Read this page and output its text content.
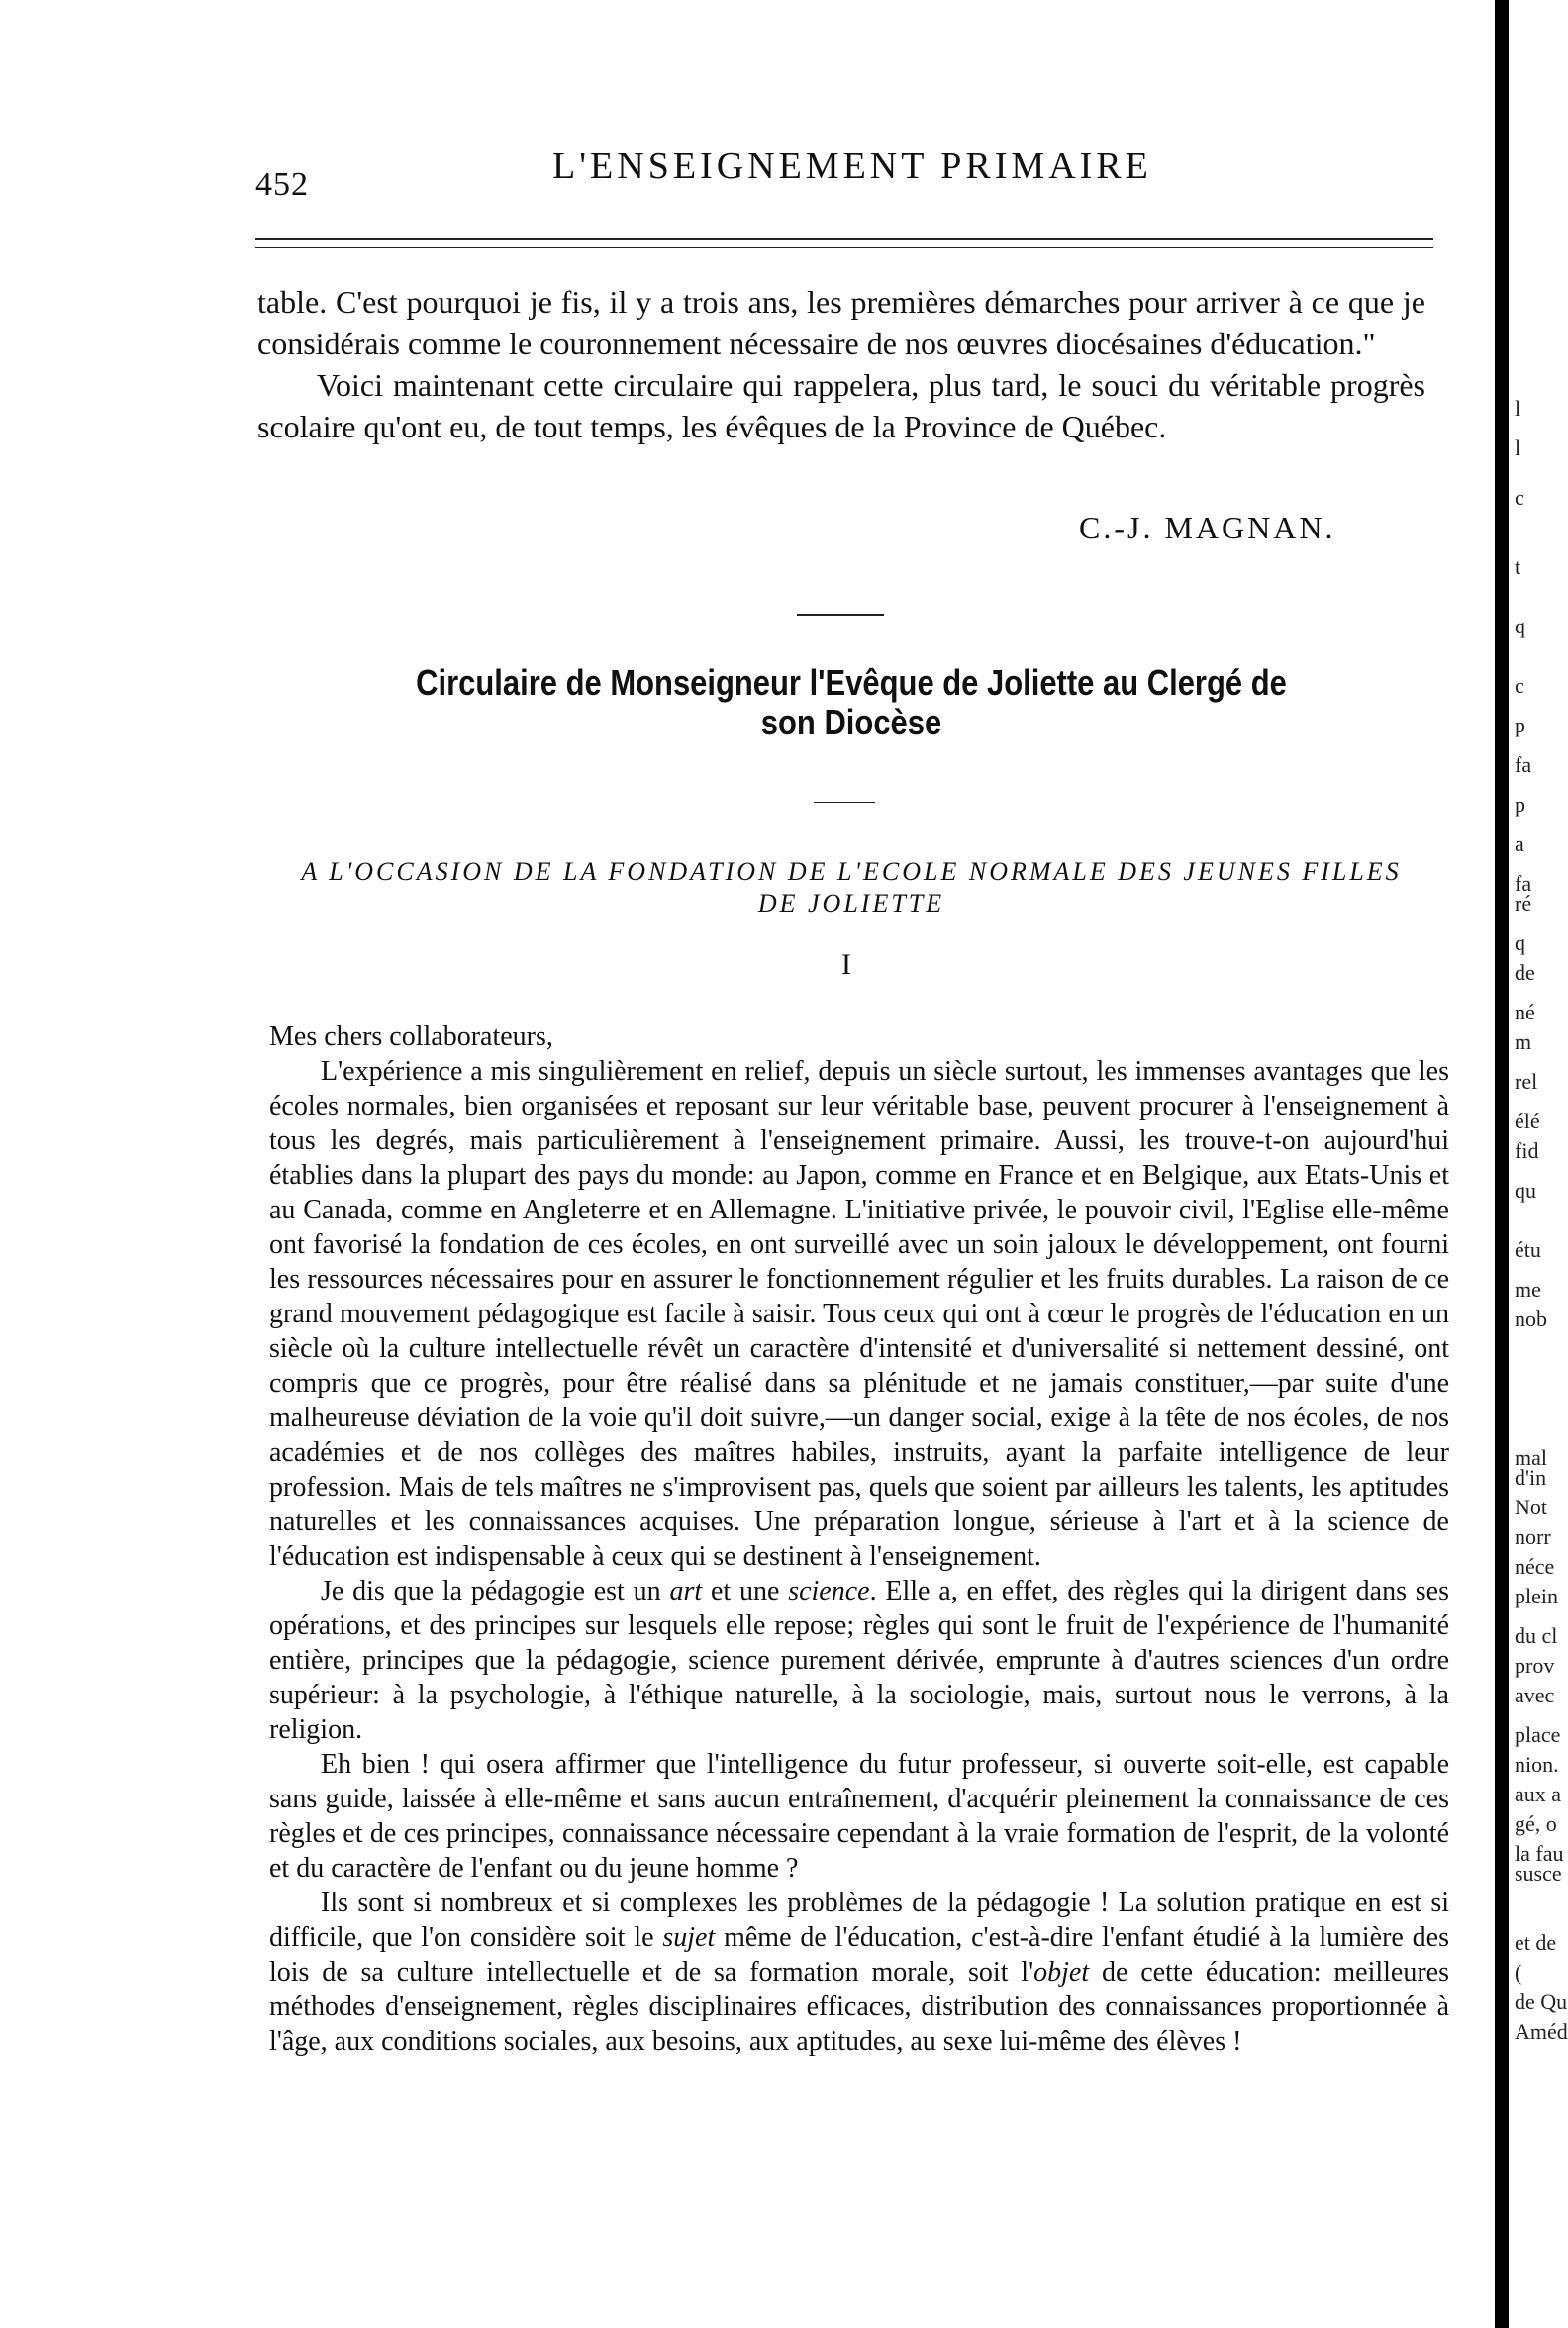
452	L'ENSEIGNEMENT PRIMAIRE

table. C'est pourquoi je fis, il y a trois ans, les premières démarches pour arriver à ce que je considérais comme le couronnement nécessaire de nos œuvres diocésaines d'éducation."

Voici maintenant cette circulaire qui rappelera, plus tard, le souci du véritable progrès scolaire qu'ont eu, de tout temps, les évêques de la Province de Québec.

C.-J. MAGNAN.
Circulaire de Monseigneur l'Evêque de Joliette au Clergé de son Diocèse
A L'OCCASION DE LA FONDATION DE L'ECOLE NORMALE DES JEUNES FILLES DE JOLIETTE
I

Mes chers collaborateurs,

L'expérience a mis singulièrement en relief, depuis un siècle surtout, les immenses avantages que les écoles normales, bien organisées et reposant sur leur véritable base, peuvent procurer à l'enseignement à tous les degrés, mais particulièrement à l'enseignement primaire. Aussi, les trouve-t-on aujourd'hui établies dans la plupart des pays du monde: au Japon, comme en France et en Belgique, aux Etats-Unis et au Canada, comme en Angleterre et en Allemagne. L'initiative privée, le pouvoir civil, l'Eglise elle-même ont favorisé la fondation de ces écoles, en ont surveillé avec un soin jaloux le développement, ont fourni les ressources nécessaires pour en assurer le fonctionnement régulier et les fruits durables. La raison de ce grand mouvement pédagogique est facile à saisir. Tous ceux qui ont à cœur le progrès de l'éducation en un siècle où la culture intellectuelle révêt un caractère d'intensité et d'universalité si nettement dessiné, ont compris que ce progrès, pour être réalisé dans sa plénitude et ne jamais constituer,—par suite d'une malheureuse déviation de la voie qu'il doit suivre,—un danger social, exige à la tête de nos écoles, de nos académies et de nos collèges des maîtres habiles, instruits, ayant la parfaite intelligence de leur profession. Mais de tels maîtres ne s'improvisent pas, quels que soient par ailleurs les talents, les aptitudes naturelles et les connaissances acquises. Une préparation longue, sérieuse à l'art et à la science de l'éducation est indispensable à ceux qui se destinent à l'enseignement.

Je dis que la pédagogie est un art et une science. Elle a, en effet, des règles qui la dirigent dans ses opérations, et des principes sur lesquels elle repose; règles qui sont le fruit de l'expérience de l'humanité entière, principes que la pédagogie, science purement dérivée, emprunte à d'autres sciences d'un ordre supérieur: à la psychologie, à l'éthique naturelle, à la sociologie, mais, surtout nous le verrons, à la religion.

Eh bien ! qui osera affirmer que l'intelligence du futur professeur, si ouverte soit-elle, est capable sans guide, laissée à elle-même et sans aucun entraînement, d'acquérir pleinement la connaissance de ces règles et de ces principes, connaissance nécessaire cependant à la vraie formation de l'esprit, de la volonté et du caractère de l'enfant ou du jeune homme ?

Ils sont si nombreux et si complexes les problèmes de la pédagogie ! La solution pratique en est si difficile, que l'on considère soit le sujet même de l'éducation, c'est-à-dire l'enfant étudié à la lumière des lois de sa culture intellectuelle et de sa formation morale, soit l'objet de cette éducation: meilleures méthodes d'enseignement, règles disciplinaires efficaces, distribution des connaissances proportionnée à l'âge, aux conditions sociales, aux besoins, aux aptitudes, au sexe lui-même des élèves !

l
l
c
t
q
c
p
fa
p
a
fa
ré
q
de
né
m
rel
élé
fid
qu
étu
me
nob
mal
d'in
Not
norr
néce
plein
du cl
prov
avec
place
nion.
aux a
gé, o
la fau
susce
et de
(
de Qu
Améd
